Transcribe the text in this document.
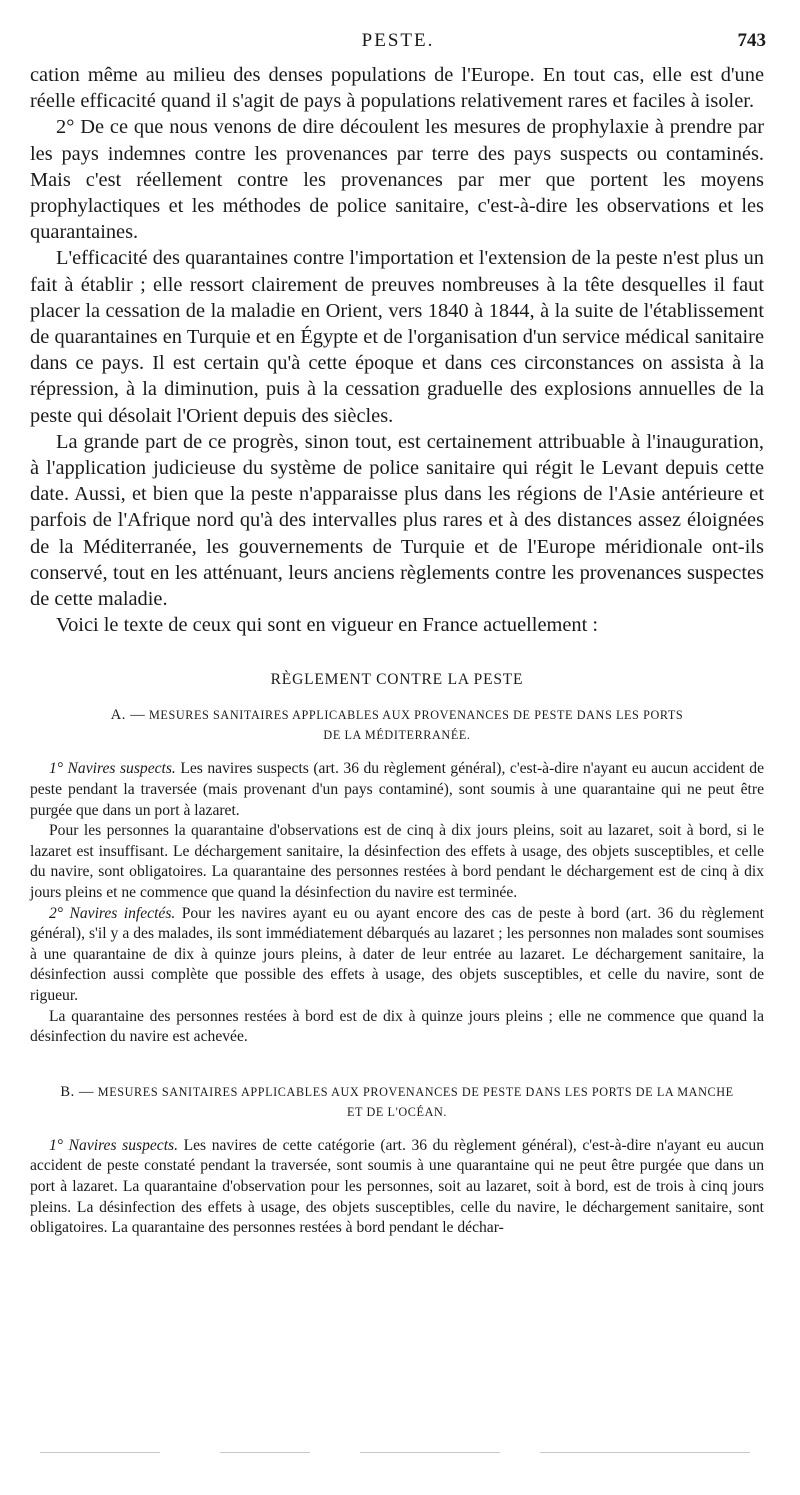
PESTE.	743

cation même au milieu des denses populations de l'Europe. En tout cas, elle est d'une réelle efficacité quand il s'agit de pays à populations relativement rares et faciles à isoler.

2° De ce que nous venons de dire découlent les mesures de prophylaxie à prendre par les pays indemnes contre les provenances par terre des pays suspects ou contaminés. Mais c'est réellement contre les provenances par mer que portent les moyens prophylactiques et les méthodes de police sanitaire, c'est-à-dire les observations et les quarantaines.

L'efficacité des quarantaines contre l'importation et l'extension de la peste n'est plus un fait à établir ; elle ressort clairement de preuves nombreuses à la tête desquelles il faut placer la cessation de la maladie en Orient, vers 1840 à 1844, à la suite de l'établissement de quarantaines en Turquie et en Égypte et de l'organisation d'un service médical sanitaire dans ce pays. Il est certain qu'à cette époque et dans ces circonstances on assista à la répression, à la diminution, puis à la cessation graduelle des explosions annuelles de la peste qui désolait l'Orient depuis des siècles.

La grande part de ce progrès, sinon tout, est certainement attribuable à l'inauguration, à l'application judicieuse du système de police sanitaire qui régit le Levant depuis cette date. Aussi, et bien que la peste n'apparaisse plus dans les régions de l'Asie antérieure et parfois de l'Afrique nord qu'à des intervalles plus rares et à des distances assez éloignées de la Méditerranée, les gouvernements de Turquie et de l'Europe méridionale ont-ils conservé, tout en les atténuant, leurs anciens règlements contre les provenances suspectes de cette maladie.

Voici le texte de ceux qui sont en vigueur en France actuellement :

RÈGLEMENT CONTRE LA PESTE
A. — MESURES SANITAIRES APPLICABLES AUX PROVENANCES DE PESTE DANS LES PORTS
DE LA MÉDITERRANÉE.

1° Navires suspects. Les navires suspects (art. 36 du règlement général), c'est-à-dire n'ayant eu aucun accident de peste pendant la traversée (mais provenant d'un pays contaminé), sont soumis à une quarantaine qui ne peut être purgée que dans un port à lazaret.

Pour les personnes la quarantaine d'observations est de cinq à dix jours pleins, soit au lazaret, soit à bord, si le lazaret est insuffisant. Le déchargement sanitaire, la désinfection des effets à usage, des objets susceptibles, et celle du navire, sont obligatoires. La quarantaine des personnes restées à bord pendant le déchargement est de cinq à dix jours pleins et ne commence que quand la désinfection du navire est terminée.

2° Navires infectés. Pour les navires ayant eu ou ayant encore des cas de peste à bord (art. 36 du règlement général), s'il y a des malades, ils sont immédiatement débarqués au lazaret ; les personnes non malades sont soumises à une quarantaine de dix à quinze jours pleins, à dater de leur entrée au lazaret. Le déchargement sanitaire, la désinfection aussi complète que possible des effets à usage, des objets susceptibles, et celle du navire, sont de rigueur.

La quarantaine des personnes restées à bord est de dix à quinze jours pleins ; elle ne commence que quand la désinfection du navire est achevée.

B. — MESURES SANITAIRES APPLICABLES AUX PROVENANCES DE PESTE DANS LES PORTS DE LA MANCHE
ET DE L'OCÉAN.

1° Navires suspects. Les navires de cette catégorie (art. 36 du règlement général), c'est-à-dire n'ayant eu aucun accident de peste constaté pendant la traversée, sont soumis à une quarantaine qui ne peut être purgée que dans un port à lazaret. La quarantaine d'observation pour les personnes, soit au lazaret, soit à bord, est de trois à cinq jours pleins. La désinfection des effets à usage, des objets susceptibles, celle du navire, le déchargement sanitaire, sont obligatoires. La quarantaine des personnes restées à bord pendant le déchar-
